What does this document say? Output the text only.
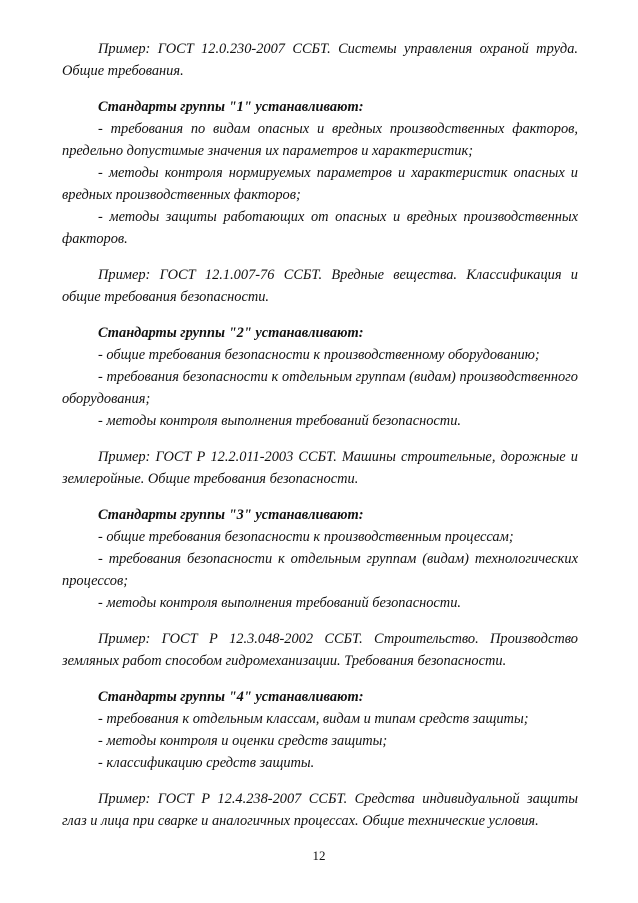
Пример: ГОСТ 12.0.230-2007 ССБТ. Системы управления охраной труда. Общие требования.

Стандарты группы "1" устанавливают:

- требования по видам опасных и вредных производственных факторов, предельно допустимые значения их параметров и характеристик;

- методы контроля нормируемых параметров и характеристик опасных и вредных производственных факторов;

- методы защиты работающих от опасных и вредных производственных факторов.

Пример: ГОСТ 12.1.007-76 ССБТ. Вредные вещества. Классификация и общие требования безопасности.

Стандарты группы "2" устанавливают:

- общие требования безопасности к производственному оборудованию;

- требования безопасности к отдельным группам (видам) производственного оборудования;

- методы контроля выполнения требований безопасности.

Пример: ГОСТ Р 12.2.011-2003 ССБТ. Машины строительные, дорожные и землеройные. Общие требования безопасности.

Стандарты группы "3" устанавливают:

- общие требования безопасности к производственным процессам;

- требования безопасности к отдельным группам (видам) технологических процессов;

- методы контроля выполнения требований безопасности.

Пример: ГОСТ Р 12.3.048-2002 ССБТ. Строительство. Производство земляных работ способом гидромеханизации. Требования безопасности.

Стандарты группы "4" устанавливают:

- требования к отдельным классам, видам и типам средств защиты;

- методы контроля и оценки средств защиты;

- классификацию средств защиты.

Пример: ГОСТ Р 12.4.238-2007 ССБТ. Средства индивидуальной защиты глаз и лица при сварке и аналогичных процессах. Общие технические условия.

12
